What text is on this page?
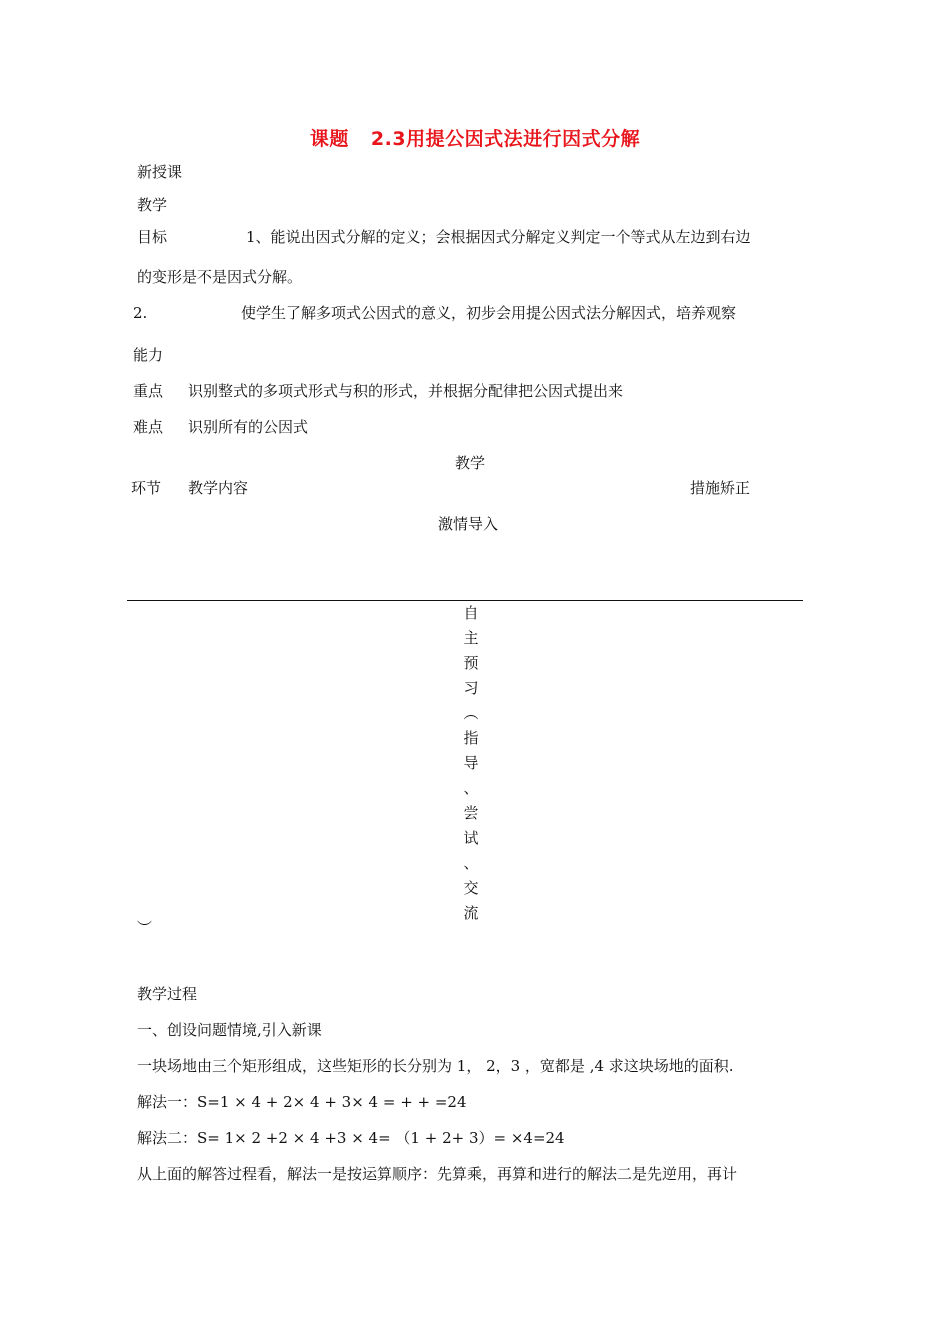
课题 2.3用提公因式法进行因式分解
新授课
教学
目标	1、能说出因式分解的定义；会根据因式分解定义判定一个等式从左边到右边
的变形是不是因式分解。
2.	使学生了解多项式公因式的意义，初步会用提公因式法分解因式，培养观察
能力
重点 识别整式的多项式形式与积的形式，并根据分配律把公因式提出来
难点 识别所有的公因式
教学
环节 教学内容	措施矫正
激情导入
自
主
预
习
︵
指
导
、
尝
试
、
交
流
︶
教学过程
一、创设问题情境,引入新课
一块场地由三个矩形组成，这些矩形的长分别为 1， 2，3 ，宽都是 ,4 求这块场地的面积.
解法一：S=1 × 4 + 2× 4 + 3× 4 = + + =24
解法二：S= 1× 2 +2 × 4 +3 × 4= （1 + 2+ 3）= ×4=24
从上面的解答过程看，解法一是按运算顺序：先算乘，再算和进行的解法二是先逆用，再计
